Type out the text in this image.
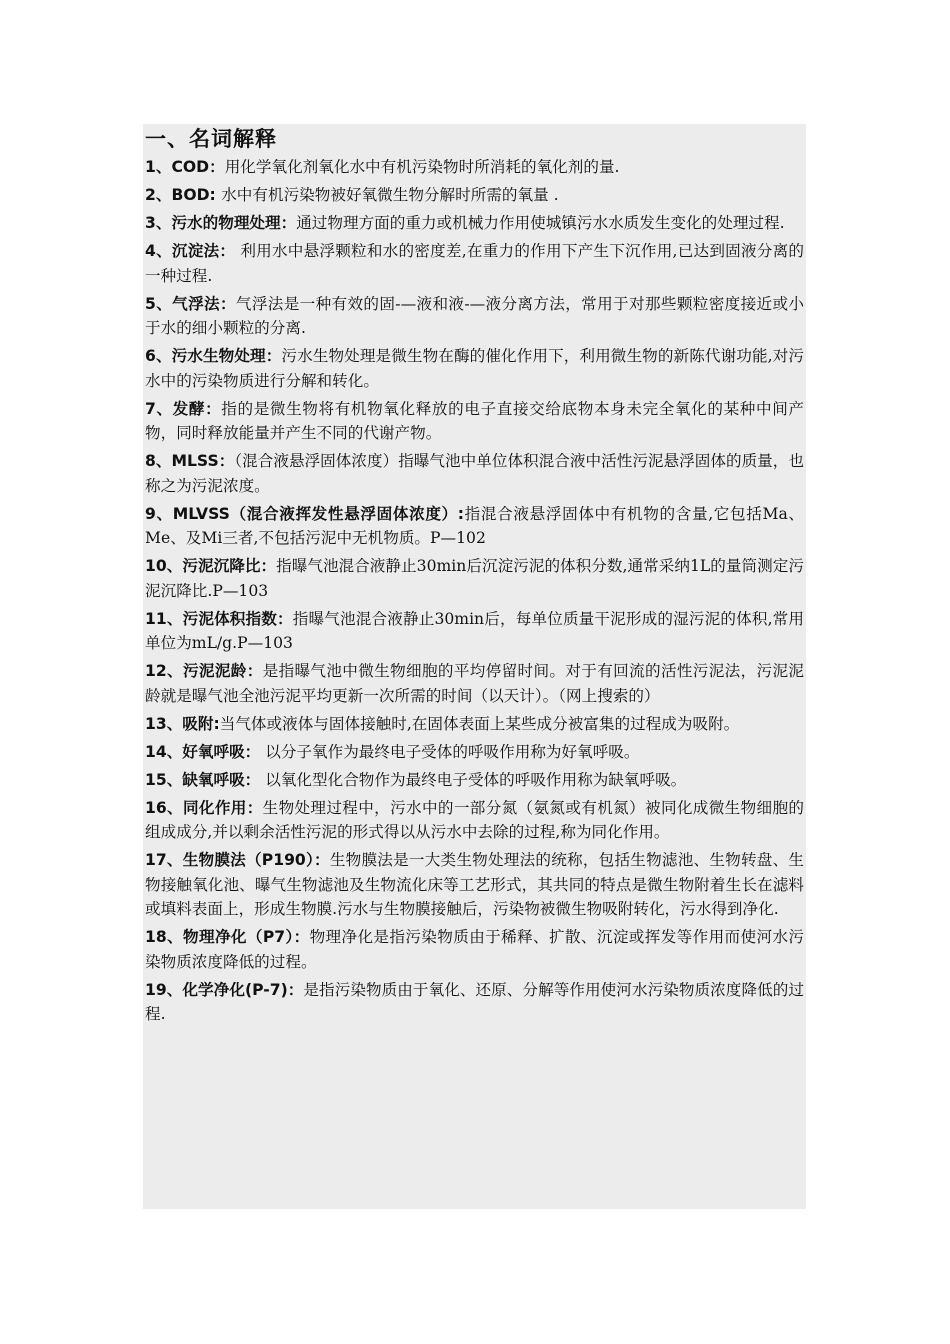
一、名词解释
1、COD：用化学氧化剂氧化水中有机污染物时所消耗的氧化剂的量.
2、BOD: 水中有机污染物被好氧微生物分解时所需的氧量 .
3、污水的物理处理：通过物理方面的重力或机械力作用使城镇污水水质发生变化的处理过程.
4、沉淀法： 利用水中悬浮颗粒和水的密度差,在重力的作用下产生下沉作用,已达到固液分离的一种过程.
5、气浮法：气浮法是一种有效的固-—液和液-—液分离方法，常用于对那些颗粒密度接近或小于水的细小颗粒的分离.
6、污水生物处理：污水生物处理是微生物在酶的催化作用下，利用微生物的新陈代谢功能,对污水中的污染物质进行分解和转化。
7、发酵：指的是微生物将有机物氧化释放的电子直接交给底物本身未完全氧化的某种中间产物，同时释放能量并产生不同的代谢产物。
8、MLSS：（混合液悬浮固体浓度）指曝气池中单位体积混合液中活性污泥悬浮固体的质量，也称之为污泥浓度。
9、MLVSS（混合液挥发性悬浮固体浓度）:指混合液悬浮固体中有机物的含量,它包括Ma、Me、及Mi三者,不包括污泥中无机物质。P—102
10、污泥沉降比：指曝气池混合液静止30min后沉淀污泥的体积分数,通常采纳1L的量筒测定污泥沉降比.P—103
11、污泥体积指数：指曝气池混合液静止30min后，每单位质量干泥形成的湿污泥的体积,常用单位为mL/g.P—103
12、污泥泥龄：是指曝气池中微生物细胞的平均停留时间。对于有回流的活性污泥法，污泥泥龄就是曝气池全池污泥平均更新一次所需的时间（以天计）。（网上搜索的）
13、吸附:当气体或液体与固体接触时,在固体表面上某些成分被富集的过程成为吸附。
14、好氧呼吸： 以分子氧作为最终电子受体的呼吸作用称为好氧呼吸。
15、缺氧呼吸： 以氧化型化合物作为最终电子受体的呼吸作用称为缺氧呼吸。
16、同化作用：生物处理过程中，污水中的一部分氮（氨氮或有机氮）被同化成微生物细胞的组成成分,并以剩余活性污泥的形式得以从污水中去除的过程,称为同化作用。
17、生物膜法（P190）：生物膜法是一大类生物处理法的统称，包括生物滤池、生物转盘、生物接触氧化池、曝气生物滤池及生物流化床等工艺形式，其共同的特点是微生物附着生长在滤料或填料表面上，形成生物膜.污水与生物膜接触后，污染物被微生物吸附转化，污水得到净化.
18、物理净化（P7）：物理净化是指污染物质由于稀释、扩散、沉淀或挥发等作用而使河水污染物质浓度降低的过程。
19、化学净化(P-7)：是指污染物质由于氧化、还原、分解等作用使河水污染物质浓度降低的过程.
